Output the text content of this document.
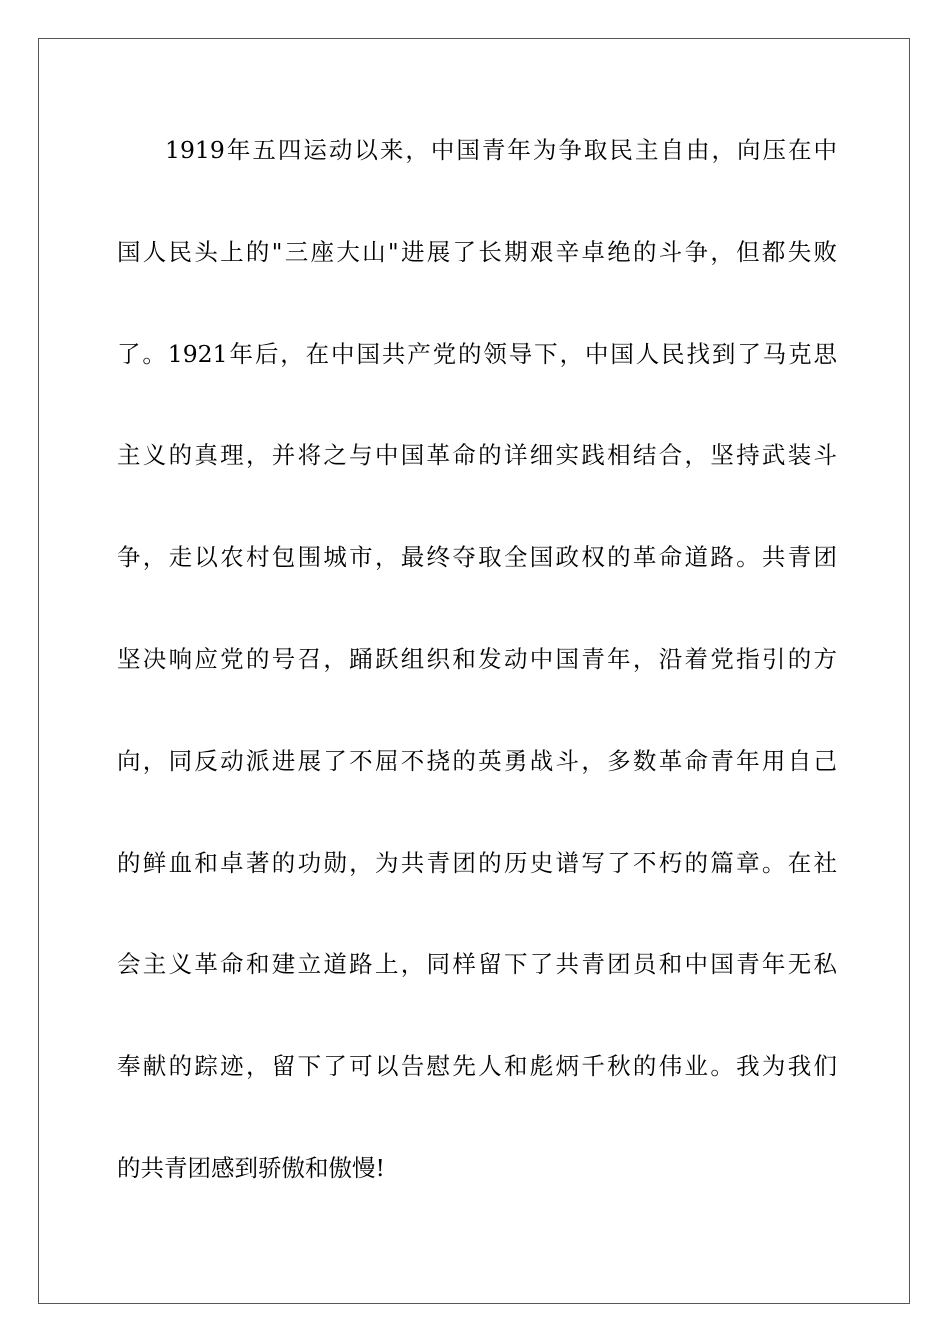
1919年五四运动以来，中国青年为争取民主自由，向压在中
国人民头上的"三座大山"进展了长期艰辛卓绝的斗争，但都失败
了。1921年后，在中国共产党的领导下，中国人民找到了马克思
主义的真理，并将之与中国革命的详细实践相结合，坚持武装斗
争，走以农村包围城市，最终夺取全国政权的革命道路。共青团
坚决响应党的号召，踊跃组织和发动中国青年，沿着党指引的方
向，同反动派进展了不屈不挠的英勇战斗，多数革命青年用自己
的鲜血和卓著的功勋，为共青团的历史谱写了不朽的篇章。在社
会主义革命和建立道路上，同样留下了共青团员和中国青年无私
奉献的踪迹，留下了可以告慰先人和彪炳千秋的伟业。我为我们
的共青团感到骄傲和傲慢!
